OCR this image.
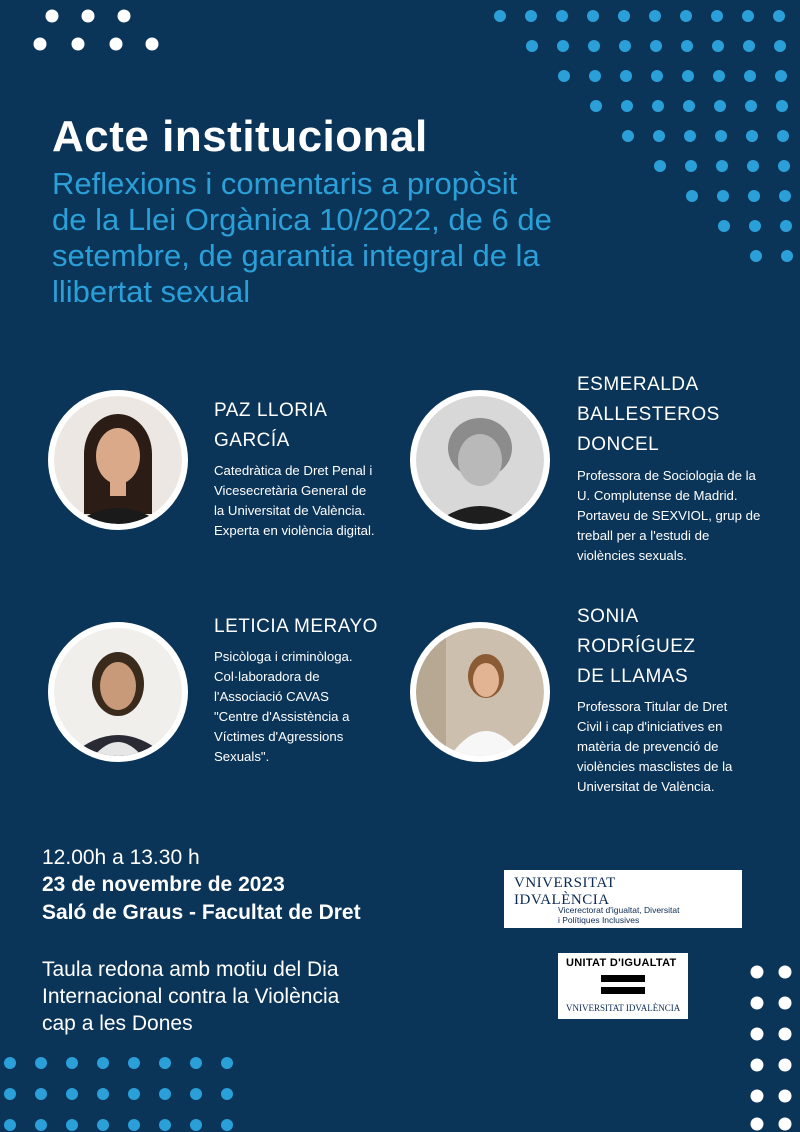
Acte institucional
Reflexions i comentaris a propòsit
de la Llei Orgànica 10/2022, de 6 de
setembre, de garantia integral de la
llibertat sexual
PAZ LLORIA
GARCÍA
Catedràtica de Dret Penal i
Vicesecretària General de
la Universitat de València.
Experta en violència digital.
ESMERALDA
BALLESTEROS
DONCEL
Professora de Sociologia de la
U. Complutense de Madrid.
Portaveu de SEXVIOL, grup de
treball per a l'estudi de
violències sexuals.
LETICIA MERAYO
Psicòloga i criminòloga.
Col·laboradora de
l'Associació CAVAS
"Centre d'Assistència a
Víctimes d'Agressions
Sexuals".
SONIA
RODRÍGUEZ
DE LLAMAS
Professora Titular de Dret
Civil i cap d'iniciatives en
matèria de prevenció de
violències masclistes de la
Universitat de València.
12.00h a 13.30 h
23 de novembre de 2023
Saló de Graus - Facultat de Dret
Taula redona amb motiu del Dia
Internacional contra la Violència
cap a les Dones
VNIVERSITAT
IDVALÈNCIA
Vicerectorat d'igualtat, Diversitat
i Polítiques Inclusives
UNITAT D'IGUALTAT
VNIVERSITAT IDVALÈNCIA
